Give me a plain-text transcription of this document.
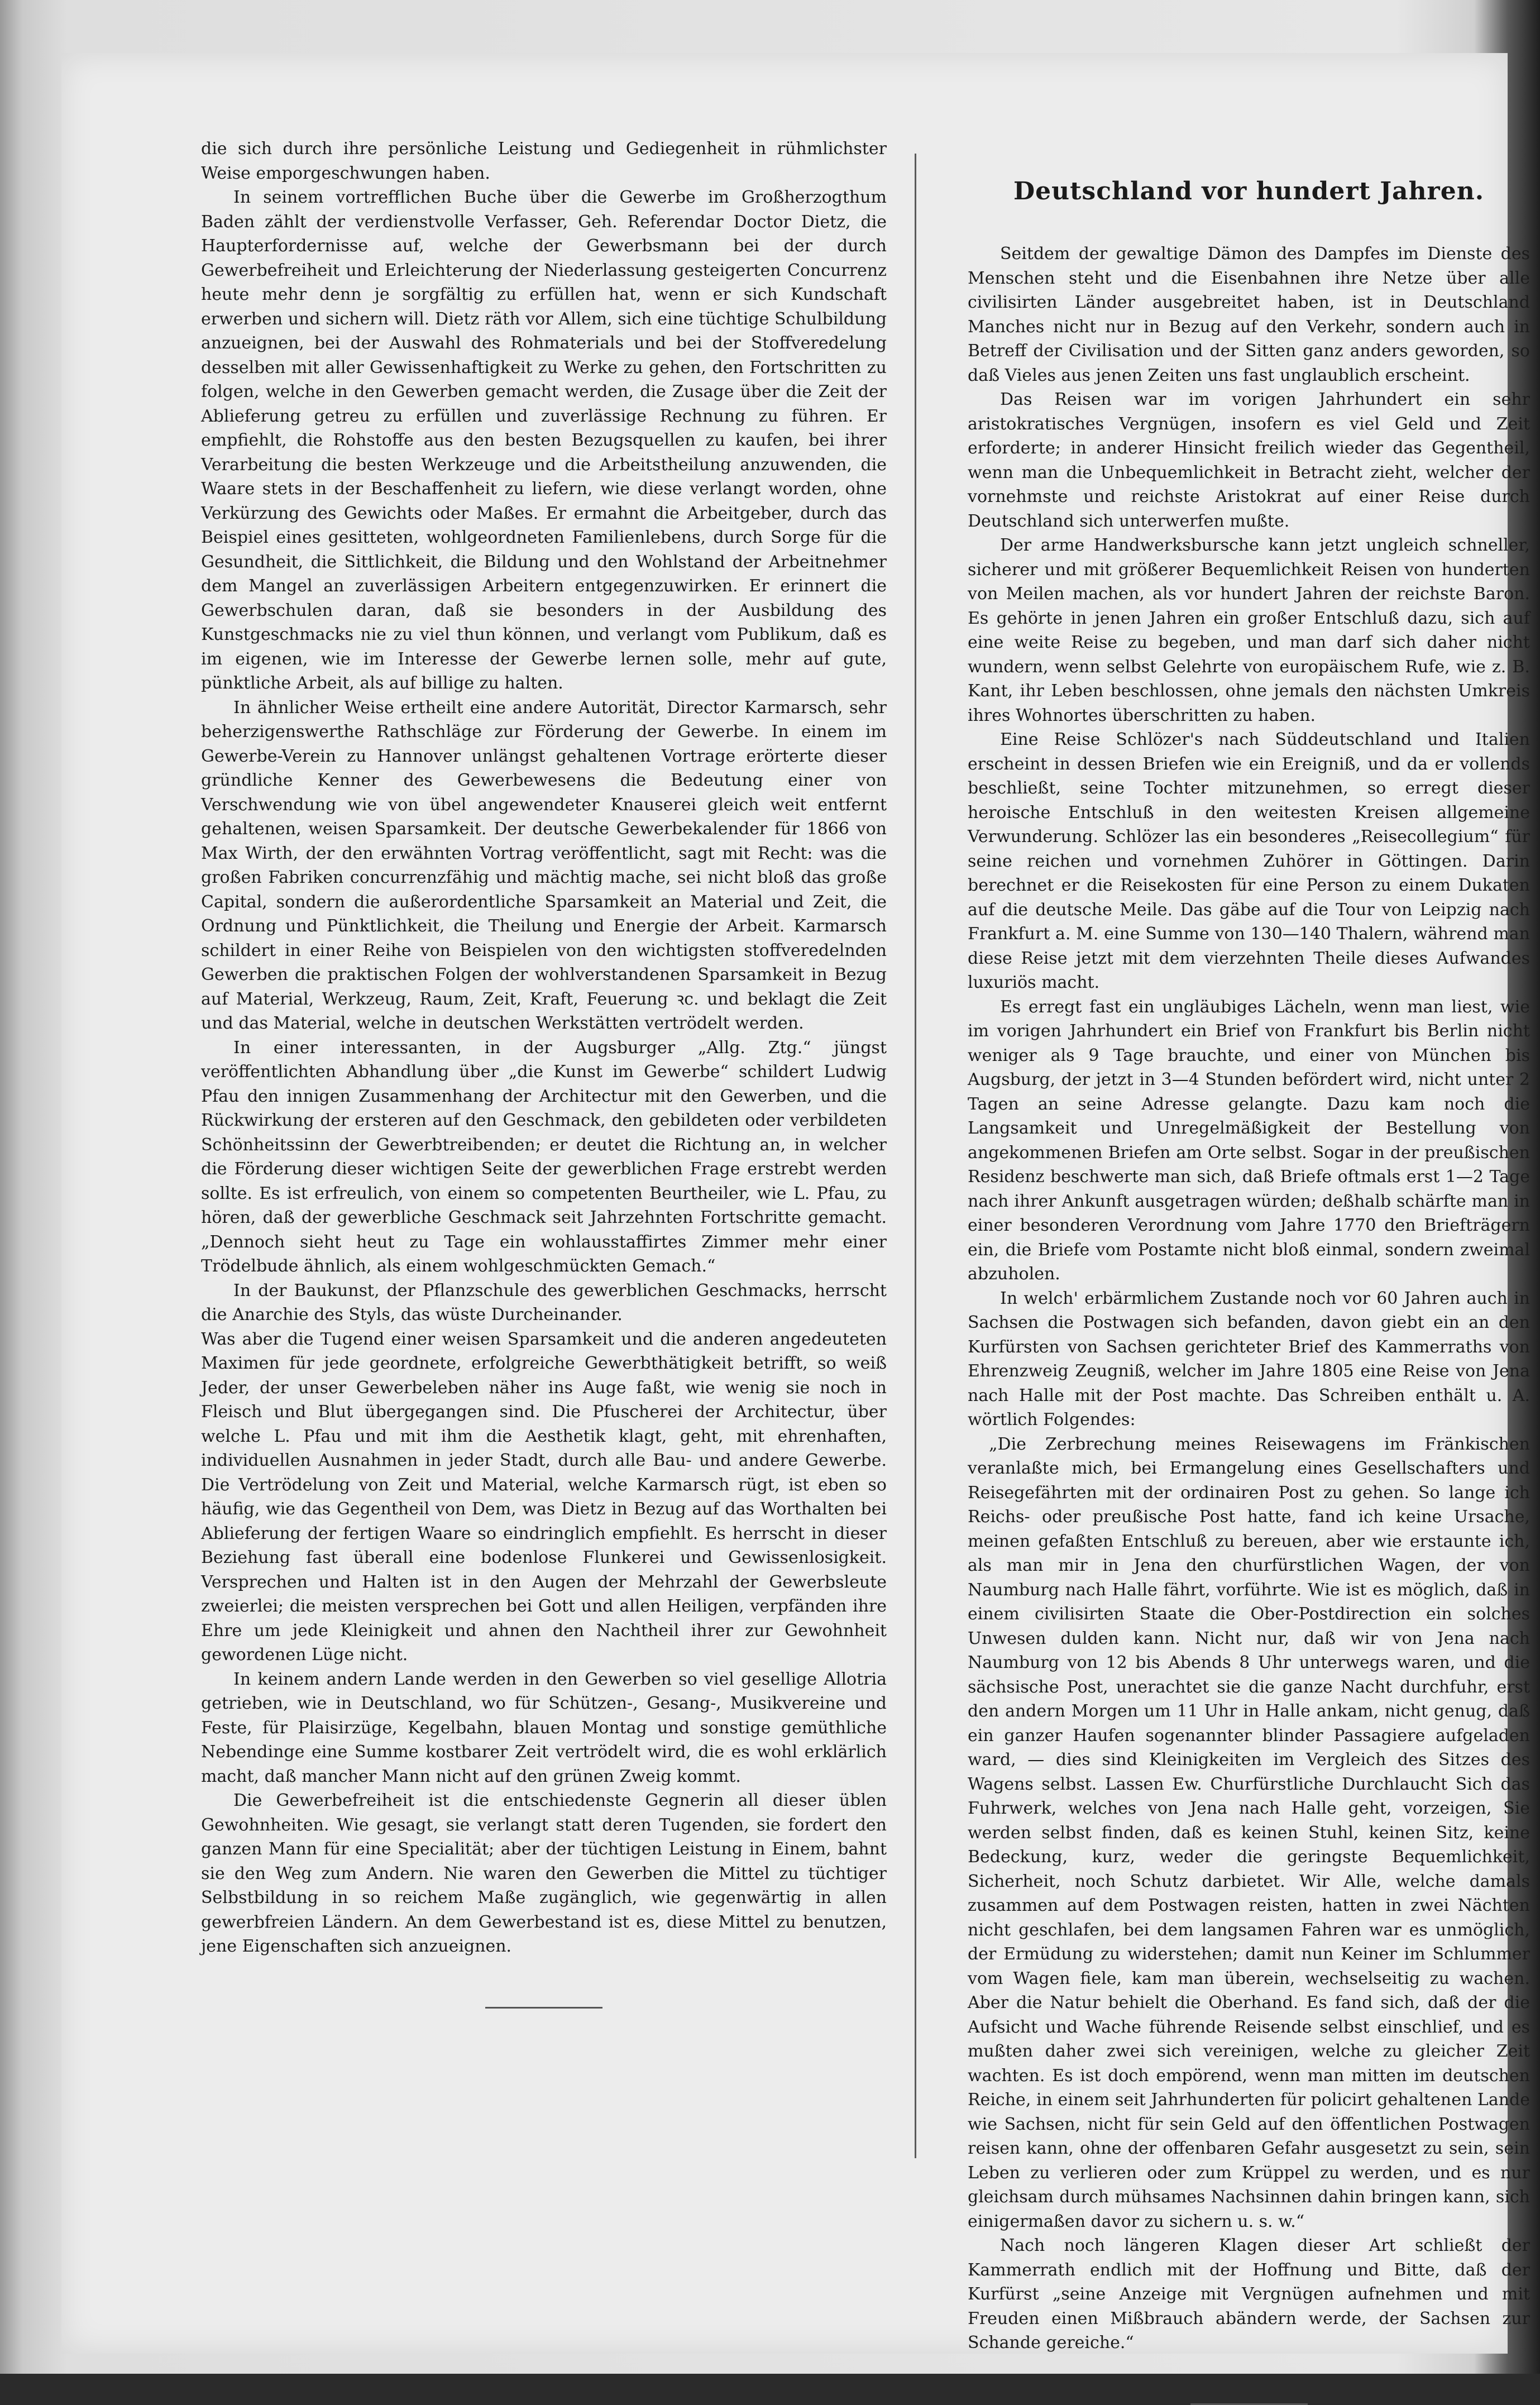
die sich durch ihre persönliche Leistung und Gediegenheit in rühmlichster Weise emporgeschwungen haben.

In seinem vortrefflichen Buche über die Gewerbe im Großherzogthum Baden zählt der verdienstvolle Verfasser, Geh. Referendar Doctor Dietz, die Haupterfordernisse auf, welche der Gewerbsmann bei der durch Gewerbefreiheit und Erleichterung der Niederlassung gesteigerten Concurrenz heute mehr denn je sorgfältig zu erfüllen hat, wenn er sich Kundschaft erwerben und sichern will. Dietz räth vor Allem, sich eine tüchtige Schulbildung anzueignen, bei der Auswahl des Rohmaterials und bei der Stoffveredelung desselben mit aller Gewissenhaftigkeit zu Werke zu gehen, den Fortschritten zu folgen, welche in den Gewerben gemacht werden, die Zusage über die Zeit der Ablieferung getreu zu erfüllen und zuverlässige Rechnung zu führen. Er empfiehlt, die Rohstoffe aus den besten Bezugsquellen zu kaufen, bei ihrer Verarbeitung die besten Werkzeuge und die Arbeitstheilung anzuwenden, die Waare stets in der Beschaffenheit zu liefern, wie diese verlangt worden, ohne Verkürzung des Gewichts oder Maßes. Er ermahnt die Arbeitgeber, durch das Beispiel eines gesitteten, wohlgeordneten Familienlebens, durch Sorge für die Gesundheit, die Sittlichkeit, die Bildung und den Wohlstand der Arbeitnehmer dem Mangel an zuverlässigen Arbeitern entgegenzuwirken. Er erinnert die Gewerbschulen daran, daß sie besonders in der Ausbildung des Kunstgeschmacks nie zu viel thun können, und verlangt vom Publikum, daß es im eigenen, wie im Interesse der Gewerbe lernen solle, mehr auf gute, pünktliche Arbeit, als auf billige zu halten.

In ähnlicher Weise ertheilt eine andere Autorität, Director Karmarsch, sehr beherzigenswerthe Rathschläge zur Förderung der Gewerbe. In einem im Gewerbe-Verein zu Hannover unlängst gehaltenen Vortrage erörterte dieser gründliche Kenner des Gewerbewesens die Bedeutung einer von Verschwendung wie von übel angewendeter Knauserei gleich weit entfernt gehaltenen, weisen Sparsamkeit. Der deutsche Gewerbekalender für 1866 von Max Wirth, der den erwähnten Vortrag veröffentlicht, sagt mit Recht: was die großen Fabriken concurrenzfähig und mächtig mache, sei nicht bloß das große Capital, sondern die außerordentliche Sparsamkeit an Material und Zeit, die Ordnung und Pünktlichkeit, die Theilung und Energie der Arbeit. Karmarsch schildert in einer Reihe von Beispielen von den wichtigsten stoffveredelnden Gewerben die praktischen Folgen der wohlverstandenen Sparsamkeit in Bezug auf Material, Werkzeug, Raum, Zeit, Kraft, Feuerung ꝛc. und beklagt die Zeit und das Material, welche in deutschen Werkstätten vertrödelt werden.

In einer interessanten, in der Augsburger „Allg. Ztg.“ jüngst veröffentlichten Abhandlung über „die Kunst im Gewerbe“ schildert Ludwig Pfau den innigen Zusammenhang der Architectur mit den Gewerben, und die Rückwirkung der ersteren auf den Geschmack, den gebildeten oder verbildeten Schönheitssinn der Gewerbtreibenden; er deutet die Richtung an, in welcher die Förderung dieser wichtigen Seite der gewerblichen Frage erstrebt werden sollte. Es ist erfreulich, von einem so competenten Beurtheiler, wie L. Pfau, zu hören, daß der gewerbliche Geschmack seit Jahrzehnten Fortschritte gemacht. „Dennoch sieht heut zu Tage ein wohlausstaffirtes Zimmer mehr einer Trödelbude ähnlich, als einem wohlgeschmückten Gemach.“

In der Baukunst, der Pflanzschule des gewerblichen Geschmacks, herrscht die Anarchie des Styls, das wüste Durcheinander.

Was aber die Tugend einer weisen Sparsamkeit und die anderen angedeuteten Maximen für jede geordnete, erfolgreiche Gewerbthätigkeit betrifft, so weiß Jeder, der unser Gewerbeleben näher ins Auge faßt, wie wenig sie noch in Fleisch und Blut übergegangen sind. Die Pfuscherei der Architectur, über welche L. Pfau und mit ihm die Aesthetik klagt, geht, mit ehrenhaften, individuellen Ausnahmen in jeder Stadt, durch alle Bau- und andere Gewerbe. Die Vertrödelung von Zeit und Material, welche Karmarsch rügt, ist eben so häufig, wie das Gegentheil von Dem, was Dietz in Bezug auf das Worthalten bei Ablieferung der fertigen Waare so eindringlich empfiehlt. Es herrscht in dieser Beziehung fast überall eine bodenlose Flunkerei und Gewissenlosigkeit. Versprechen und Halten ist in den Augen der Mehrzahl der Gewerbsleute zweierlei; die meisten versprechen bei Gott und allen Heiligen, verpfänden ihre Ehre um jede Kleinigkeit und ahnen den Nachtheil ihrer zur Gewohnheit gewordenen Lüge nicht.

In keinem andern Lande werden in den Gewerben so viel gesellige Allotria getrieben, wie in Deutschland, wo für Schützen-, Gesang-, Musikvereine und Feste, für Plaisirzüge, Kegelbahn, blauen Montag und sonstige gemüthliche Nebendinge eine Summe kostbarer Zeit vertrödelt wird, die es wohl erklärlich macht, daß mancher Mann nicht auf den grünen Zweig kommt.

Die Gewerbefreiheit ist die entschiedenste Gegnerin all dieser üblen Gewohnheiten. Wie gesagt, sie verlangt statt deren Tugenden, sie fordert den ganzen Mann für eine Specialität; aber der tüchtigen Leistung in Einem, bahnt sie den Weg zum Andern. Nie waren den Gewerben die Mittel zu tüchtiger Selbstbildung in so reichem Maße zugänglich, wie gegenwärtig in allen gewerbfreien Ländern. An dem Gewerbestand ist es, diese Mittel zu benutzen, jene Eigenschaften sich anzueignen.

Deutschland vor hundert Jahren.

Seitdem der gewaltige Dämon des Dampfes im Dienste des Menschen steht und die Eisenbahnen ihre Netze über alle civilisirten Länder ausgebreitet haben, ist in Deutschland Manches nicht nur in Bezug auf den Verkehr, sondern auch in Betreff der Civilisation und der Sitten ganz anders geworden, so daß Vieles aus jenen Zeiten uns fast unglaublich erscheint.

Das Reisen war im vorigen Jahrhundert ein sehr aristokratisches Vergnügen, insofern es viel Geld und Zeit erforderte; in anderer Hinsicht freilich wieder das Gegentheil, wenn man die Unbequemlichkeit in Betracht zieht, welcher der vornehmste und reichste Aristokrat auf einer Reise durch Deutschland sich unterwerfen mußte.

Der arme Handwerksbursche kann jetzt ungleich schneller, sicherer und mit größerer Bequemlichkeit Reisen von hunderten von Meilen machen, als vor hundert Jahren der reichste Baron. Es gehörte in jenen Jahren ein großer Entschluß dazu, sich auf eine weite Reise zu begeben, und man darf sich daher nicht wundern, wenn selbst Gelehrte von europäischem Rufe, wie z. B. Kant, ihr Leben beschlossen, ohne jemals den nächsten Umkreis ihres Wohnortes überschritten zu haben.

Eine Reise Schlözer's nach Süddeutschland und Italien erscheint in dessen Briefen wie ein Ereigniß, und da er vollends beschließt, seine Tochter mitzunehmen, so erregt dieser heroische Entschluß in den weitesten Kreisen allgemeine Verwunderung. Schlözer las ein besonderes „Reisecollegium“ für seine reichen und vornehmen Zuhörer in Göttingen. Darin berechnet er die Reisekosten für eine Person zu einem Dukaten auf die deutsche Meile. Das gäbe auf die Tour von Leipzig nach Frankfurt a. M. eine Summe von 130—140 Thalern, während man diese Reise jetzt mit dem vierzehnten Theile dieses Aufwandes luxuriös macht.

Es erregt fast ein ungläubiges Lächeln, wenn man liest, wie im vorigen Jahrhundert ein Brief von Frankfurt bis Berlin nicht weniger als 9 Tage brauchte, und einer von München bis Augsburg, der jetzt in 3—4 Stunden befördert wird, nicht unter 2 Tagen an seine Adresse gelangte. Dazu kam noch die Langsamkeit und Unregelmäßigkeit der Bestellung von angekommenen Briefen am Orte selbst. Sogar in der preußischen Residenz beschwerte man sich, daß Briefe oftmals erst 1—2 Tage nach ihrer Ankunft ausgetragen würden; deßhalb schärfte man in einer besonderen Verordnung vom Jahre 1770 den Briefträgern ein, die Briefe vom Postamte nicht bloß einmal, sondern zweimal abzuholen.

In welch' erbärmlichem Zustande noch vor 60 Jahren auch in Sachsen die Postwagen sich befanden, davon giebt ein an den Kurfürsten von Sachsen gerichteter Brief des Kammerraths von Ehrenzweig Zeugniß, welcher im Jahre 1805 eine Reise von Jena nach Halle mit der Post machte. Das Schreiben enthält u. A. wörtlich Folgendes:

„Die Zerbrechung meines Reisewagens im Fränkischen veranlaßte mich, bei Ermangelung eines Gesellschafters und Reisegefährten mit der ordinairen Post zu gehen. So lange ich Reichs- oder preußische Post hatte, fand ich keine Ursache, meinen gefaßten Entschluß zu bereuen, aber wie erstaunte ich, als man mir in Jena den churfürstlichen Wagen, der von Naumburg nach Halle fährt, vorführte. Wie ist es möglich, daß in einem civilisirten Staate die Ober-Postdirection ein solches Unwesen dulden kann. Nicht nur, daß wir von Jena nach Naumburg von 12 bis Abends 8 Uhr unterwegs waren, und die sächsische Post, unerachtet sie die ganze Nacht durchfuhr, erst den andern Morgen um 11 Uhr in Halle ankam, nicht genug, daß ein ganzer Haufen sogenannter blinder Passagiere aufgeladen ward, — dies sind Kleinigkeiten im Vergleich des Sitzes des Wagens selbst. Lassen Ew. Churfürstliche Durchlaucht Sich das Fuhrwerk, welches von Jena nach Halle geht, vorzeigen, Sie werden selbst finden, daß es keinen Stuhl, keinen Sitz, keine Bedeckung, kurz, weder die geringste Bequemlichkeit, Sicherheit, noch Schutz darbietet. Wir Alle, welche damals zusammen auf dem Postwagen reisten, hatten in zwei Nächten nicht geschlafen, bei dem langsamen Fahren war es unmöglich, der Ermüdung zu widerstehen; damit nun Keiner im Schlummer vom Wagen fiele, kam man überein, wechselseitig zu wachen. Aber die Natur behielt die Oberhand. Es fand sich, daß der die Aufsicht und Wache führende Reisende selbst einschlief, und es mußten daher zwei sich vereinigen, welche zu gleicher Zeit wachten. Es ist doch empörend, wenn man mitten im deutschen Reiche, in einem seit Jahrhunderten für policirt gehaltenen Lande wie Sachsen, nicht für sein Geld auf den öffentlichen Postwagen reisen kann, ohne der offenbaren Gefahr ausgesetzt zu sein, sein Leben zu verlieren oder zum Krüppel zu werden, und es nur gleichsam durch mühsames Nachsinnen dahin bringen kann, sich einigermaßen davor zu sichern u. s. w.“

Nach noch längeren Klagen dieser Art schließt der Kammerrath endlich mit der Hoffnung und Bitte, daß der Kurfürst „seine Anzeige mit Vergnügen aufnehmen und mit Freuden einen Mißbrauch abändern werde, der Sachsen zur Schande gereiche.“
